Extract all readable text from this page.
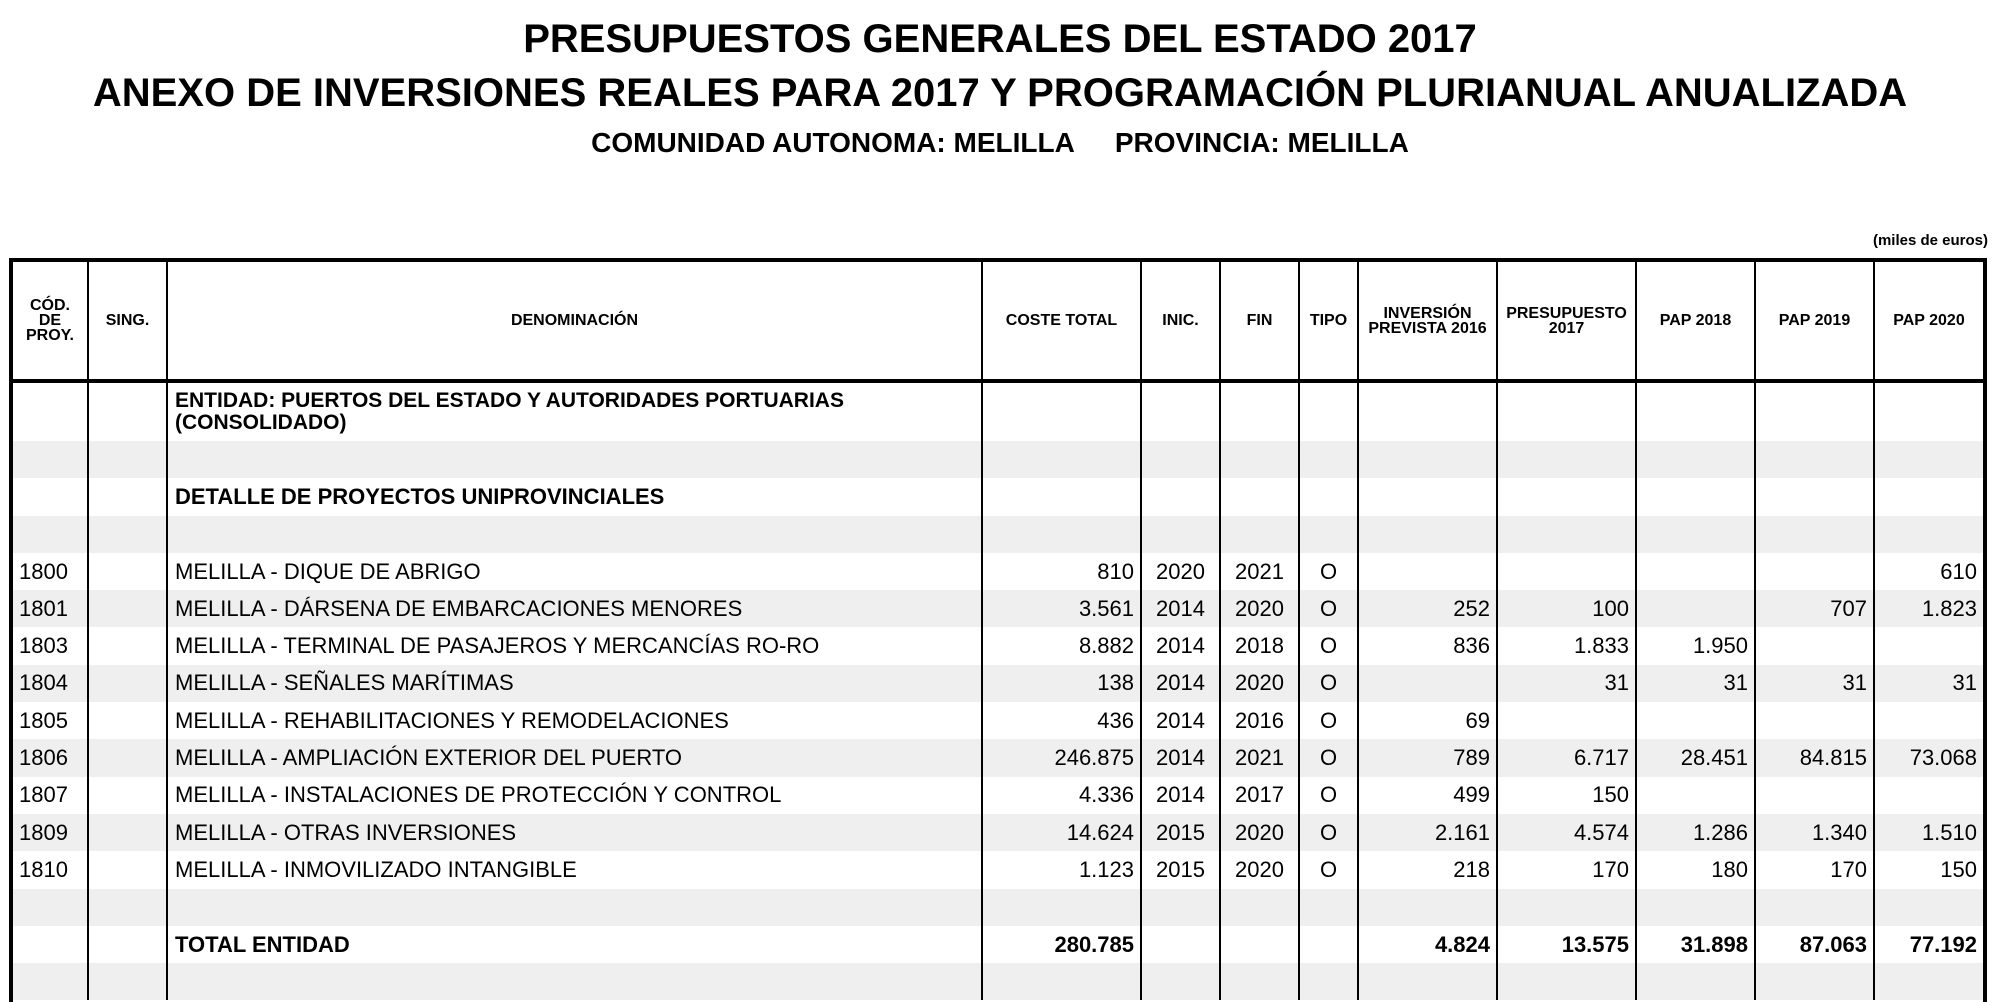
PRESUPUESTOS GENERALES DEL ESTADO 2017
ANEXO DE INVERSIONES REALES PARA 2017 Y PROGRAMACIÓN PLURIANUAL ANUALIZADA
COMUNIDAD AUTONOMA: MELILLA PROVINCIA: MELILLA
(miles de euros)
CÓD. DE PROY.	SING.	DENOMINACIÓN	COSTE TOTAL	INIC.	FIN	TIPO	INVERSIÓN PREVISTA 2016	PRESUPUESTO 2017	PAP 2018	PAP 2019	PAP 2020
		ENTIDAD: PUERTOS DEL ESTADO Y AUTORIDADES PORTUARIAS (CONSOLIDADO)									

		DETALLE DE PROYECTOS UNIPROVINCIALES									

1800		MELILLA - DIQUE DE ABRIGO	810	2020	2021	O					610
1801		MELILLA - DÁRSENA DE EMBARCACIONES MENORES	3.561	2014	2020	O	252	100		707	1.823
1803		MELILLA - TERMINAL DE PASAJEROS Y MERCANCÍAS RO-RO	8.882	2014	2018	O	836	1.833	1.950		
1804		MELILLA - SEÑALES MARÍTIMAS	138	2014	2020	O		31	31	31	31
1805		MELILLA - REHABILITACIONES Y REMODELACIONES	436	2014	2016	O	69				
1806		MELILLA - AMPLIACIÓN EXTERIOR DEL PUERTO	246.875	2014	2021	O	789	6.717	28.451	84.815	73.068
1807		MELILLA - INSTALACIONES DE PROTECCIÓN Y CONTROL	4.336	2014	2017	O	499	150			
1809		MELILLA - OTRAS INVERSIONES	14.624	2015	2020	O	2.161	4.574	1.286	1.340	1.510
1810		MELILLA - INMOVILIZADO INTANGIBLE	1.123	2015	2020	O	218	170	180	170	150

		TOTAL ENTIDAD	280.785				4.824	13.575	31.898	87.063	77.192
